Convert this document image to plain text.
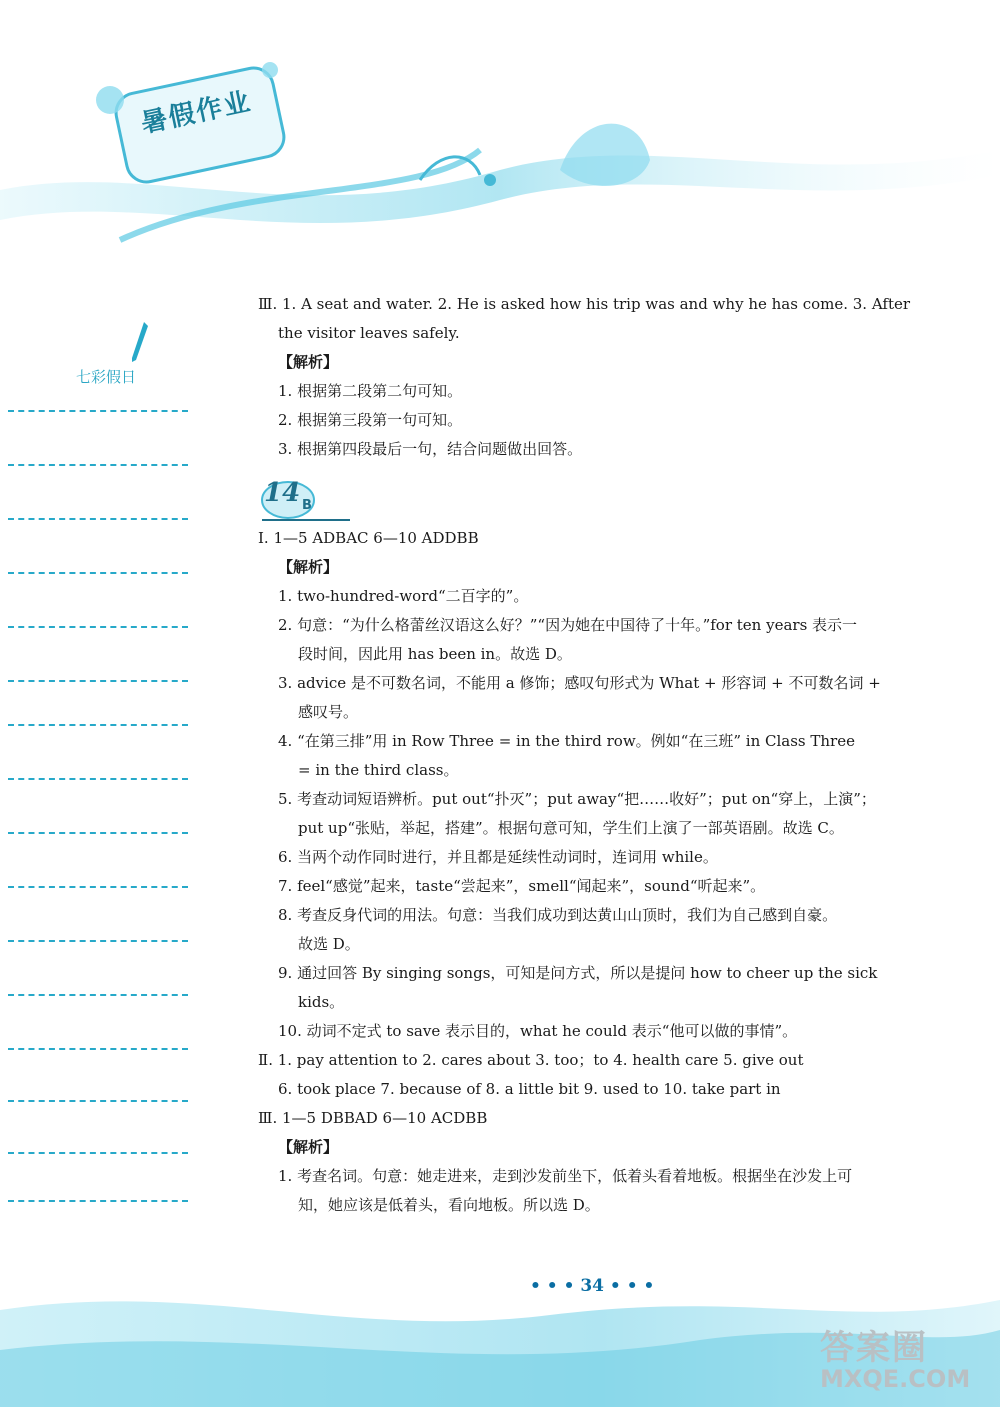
暑假作业
七彩假日
14 B
Ⅲ. 1. A seat and water. 2. He is asked how his trip was and why he has come. 3. After
the visitor leaves safely.
【解析】
1. 根据第二段第二句可知。
2. 根据第三段第一句可知。
3. 根据第四段最后一句，结合问题做出回答。
Ⅰ. 1—5 ADBAC 6—10 ADDBB
【解析】
1. two-hundred-word“二百字的”。
2. 句意：“为什么格蕾丝汉语这么好？”“因为她在中国待了十年。”for ten years 表示一
段时间，因此用 has been in。故选 D。
3. advice 是不可数名词，不能用 a 修饰；感叹句形式为 What + 形容词 + 不可数名词 +
感叹号。
4. “在第三排”用 in Row Three = in the third row。例如“在三班” in Class Three
= in the third class。
5. 考查动词短语辨析。put out“扑灭”；put away“把……收好”；put on“穿上，上演”；
put up“张贴，举起，搭建”。根据句意可知，学生们上演了一部英语剧。故选 C。
6. 当两个动作同时进行，并且都是延续性动词时，连词用 while。
7. feel“感觉”起来，taste“尝起来”，smell“闻起来”，sound“听起来”。
8. 考查反身代词的用法。句意：当我们成功到达黄山山顶时，我们为自己感到自豪。
故选 D。
9. 通过回答 By singing songs，可知是问方式，所以是提问 how to cheer up the sick
kids。
10. 动词不定式 to save 表示目的，what he could 表示“他可以做的事情”。
Ⅱ. 1. pay attention to 2. cares about 3. too；to 4. health care 5. give out
6. took place 7. because of 8. a little bit 9. used to 10. take part in
Ⅲ. 1—5 DBBAD 6—10 ACDBB
【解析】
1. 考查名词。句意：她走进来，走到沙发前坐下，低着头看着地板。根据坐在沙发上可
知，她应该是低着头，看向地板。所以选 D。
• • • 34 • • •
答案圈
MXQE.COM
